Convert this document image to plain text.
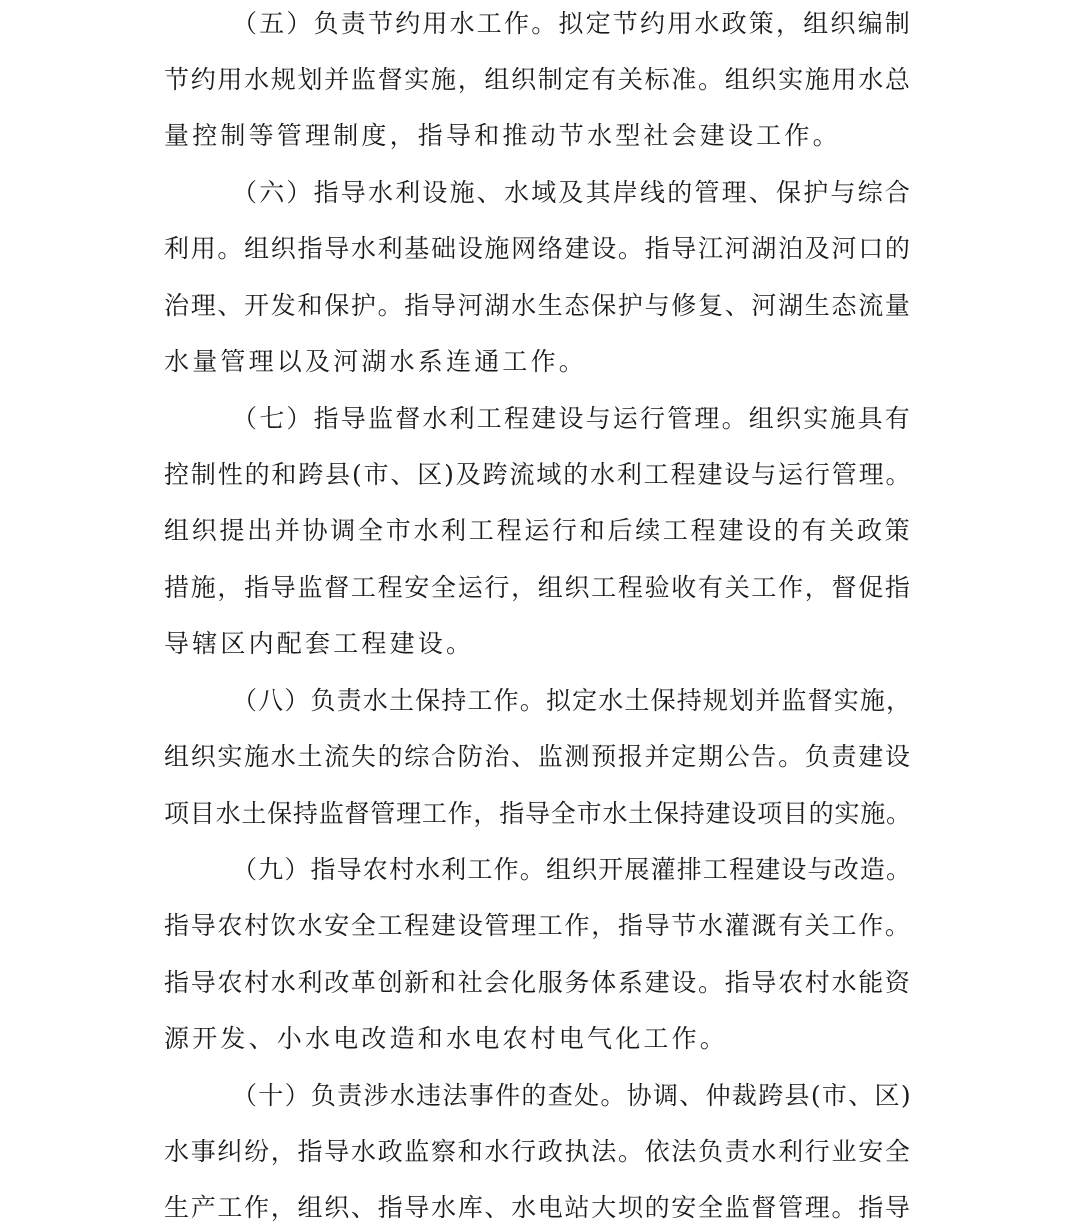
（五）负责节约用水工作。拟定节约用水政策，组织编制
节约用水规划并监督实施，组织制定有关标准。组织实施用水总
量控制等管理制度，指导和推动节水型社会建设工作。
（六）指导水利设施、水域及其岸线的管理、保护与综合
利用。组织指导水利基础设施网络建设。指导江河湖泊及河口的
治理、开发和保护。指导河湖水生态保护与修复、河湖生态流量
水量管理以及河湖水系连通工作。
（七）指导监督水利工程建设与运行管理。组织实施具有
控制性的和跨县(市、区)及跨流域的水利工程建设与运行管理。
组织提出并协调全市水利工程运行和后续工程建设的有关政策
措施，指导监督工程安全运行，组织工程验收有关工作，督促指
导辖区内配套工程建设。
（八）负责水土保持工作。拟定水土保持规划并监督实施，
组织实施水土流失的综合防治、监测预报并定期公告。负责建设
项目水土保持监督管理工作，指导全市水土保持建设项目的实施。
（九）指导农村水利工作。组织开展灌排工程建设与改造。
指导农村饮水安全工程建设管理工作，指导节水灌溉有关工作。
指导农村水利改革创新和社会化服务体系建设。指导农村水能资
源开发、小水电改造和水电农村电气化工作。
（十）负责涉水违法事件的查处。协调、仲裁跨县(市、区)
水事纠纷，指导水政监察和水行政执法。依法负责水利行业安全
生产工作，组织、指导水库、水电站大坝的安全监督管理。指导
